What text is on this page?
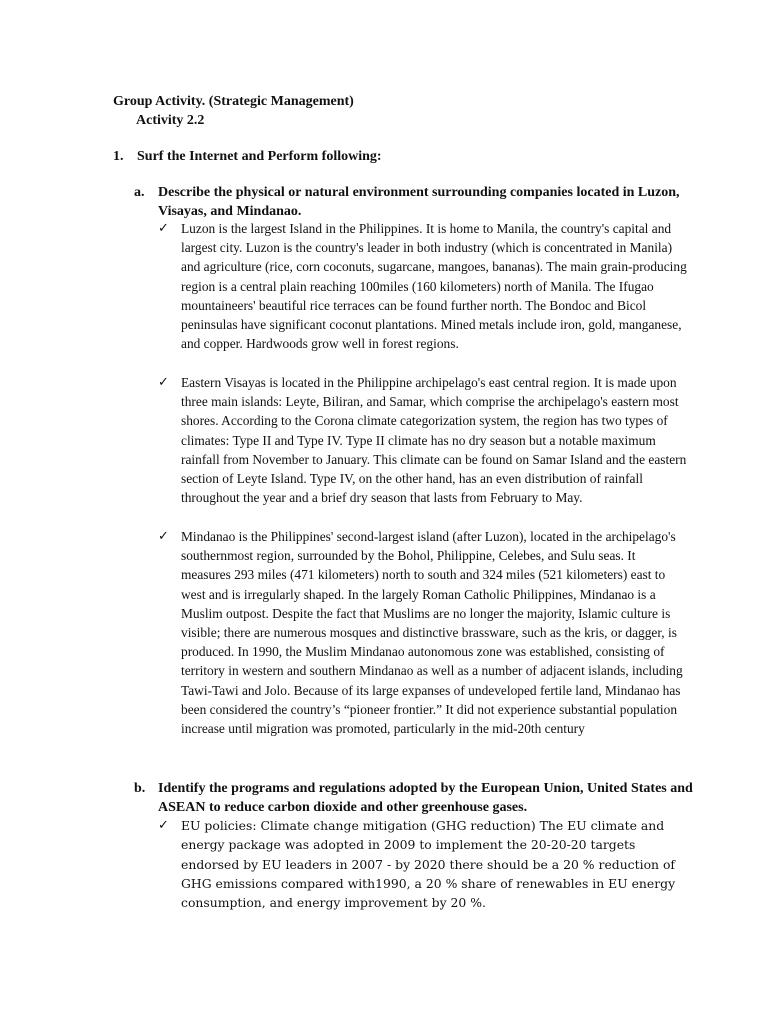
Group Activity. (Strategic Management)
Activity 2.2
1. Surf the Internet and Perform following:
a. Describe the physical or natural environment surrounding companies located in Luzon, Visayas, and Mindanao.
✓ Luzon is the largest Island in the Philippines. It is home to Manila, the country's capital and largest city. Luzon is the country's leader in both industry (which is concentrated in Manila) and agriculture (rice, corn coconuts, sugarcane, mangoes, bananas). The main grain-producing region is a central plain reaching 100miles (160 kilometers) north of Manila. The Ifugao mountaineers' beautiful rice terraces can be found further north. The Bondoc and Bicol peninsulas have significant coconut plantations. Mined metals include iron, gold, manganese, and copper. Hardwoods grow well in forest regions.
✓ Eastern Visayas is located in the Philippine archipelago's east central region. It is made upon three main islands: Leyte, Biliran, and Samar, which comprise the archipelago's eastern most shores. According to the Corona climate categorization system, the region has two types of climates: Type II and Type IV. Type II climate has no dry season but a notable maximum rainfall from November to January. This climate can be found on Samar Island and the eastern section of Leyte Island. Type IV, on the other hand, has an even distribution of rainfall throughout the year and a brief dry season that lasts from February to May.
✓ Mindanao is the Philippines' second-largest island (after Luzon), located in the archipelago's southernmost region, surrounded by the Bohol, Philippine, Celebes, and Sulu seas. It measures 293 miles (471 kilometers) north to south and 324 miles (521 kilometers) east to west and is irregularly shaped. In the largely Roman Catholic Philippines, Mindanao is a Muslim outpost. Despite the fact that Muslims are no longer the majority, Islamic culture is visible; there are numerous mosques and distinctive brassware, such as the kris, or dagger, is produced. In 1990, the Muslim Mindanao autonomous zone was established, consisting of territory in western and southern Mindanao as well as a number of adjacent islands, including Tawi-Tawi and Jolo. Because of its large expanses of undeveloped fertile land, Mindanao has been considered the country’s “pioneer frontier.” It did not experience substantial population increase until migration was promoted, particularly in the mid-20th century
b. Identify the programs and regulations adopted by the European Union, United States and ASEAN to reduce carbon dioxide and other greenhouse gases.
✓ EU policies: Climate change mitigation (GHG reduction) The EU climate and energy package was adopted in 2009 to implement the 20-20-20 targets endorsed by EU leaders in 2007 - by 2020 there should be a 20 % reduction of GHG emissions compared with1990, a 20 % share of renewables in EU energy consumption, and energy improvement by 20 %.
